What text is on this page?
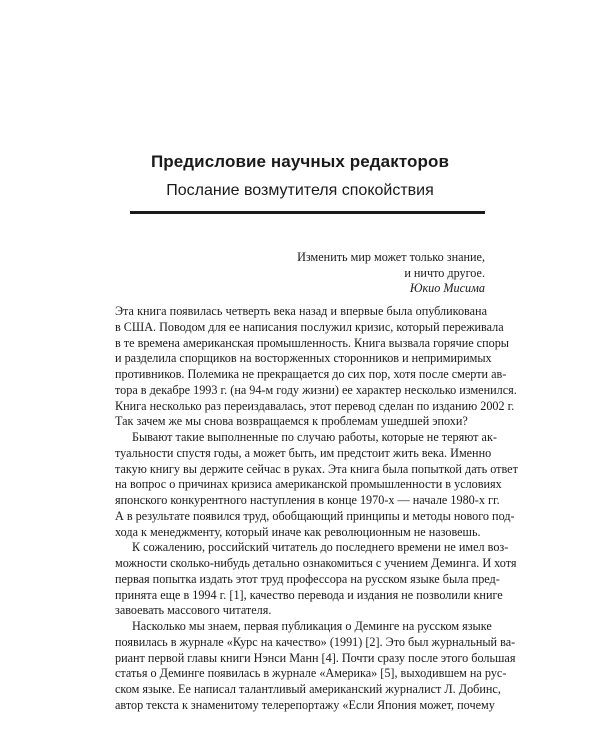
Предисловие научных редакторов
Послание возмутителя спокойствия
Изменить мир может только знание,
и ничто другое.
Юкио Мисима
Эта книга появилась четверть века назад и впервые была опубликована
в США. Поводом для ее написания послужил кризис, который переживала
в те времена американская промышленность. Книга вызвала горячие споры
и разделила спорщиков на восторженных сторонников и непримиримых
противников. Полемика не прекращается до сих пор, хотя после смерти ав-
тора в декабре 1993 г. (на 94-м году жизни) ее характер несколько изменился.
Книга несколько раз переиздавалась, этот перевод сделан по изданию 2002 г.
Так зачем же мы снова возвращаемся к проблемам ушедшей эпохи?
Бывают такие выполненные по случаю работы, которые не теряют ак-
туальности спустя годы, а может быть, им предстоит жить века. Именно
такую книгу вы держите сейчас в руках. Эта книга была попыткой дать ответ
на вопрос о причинах кризиса американской промышленности в условиях
японского конкурентного наступления в конце 1970-х — начале 1980-х гг.
А в результате появился труд, обобщающий принципы и методы нового под-
хода к менеджменту, который иначе как революционным не назовешь.
К сожалению, российский читатель до последнего времени не имел воз-
можности сколько-нибудь детально ознакомиться с учением Деминга. И хотя
первая попытка издать этот труд профессора на русском языке была пред-
принята еще в 1994 г. [1], качество перевода и издания не позволили книге
завоевать массового читателя.
Насколько мы знаем, первая публикация о Деминге на русском языке
появилась в журнале «Курс на качество» (1991) [2]. Это был журнальный ва-
риант первой главы книги Нэнси Манн [4]. Почти сразу после этого большая
статья о Деминге появилась в журнале «Америка» [5], выходившем на рус-
ском языке. Ее написал талантливый американский журналист Л. Добинс,
автор текста к знаменитому телерепортажу «Если Япония может, почему
